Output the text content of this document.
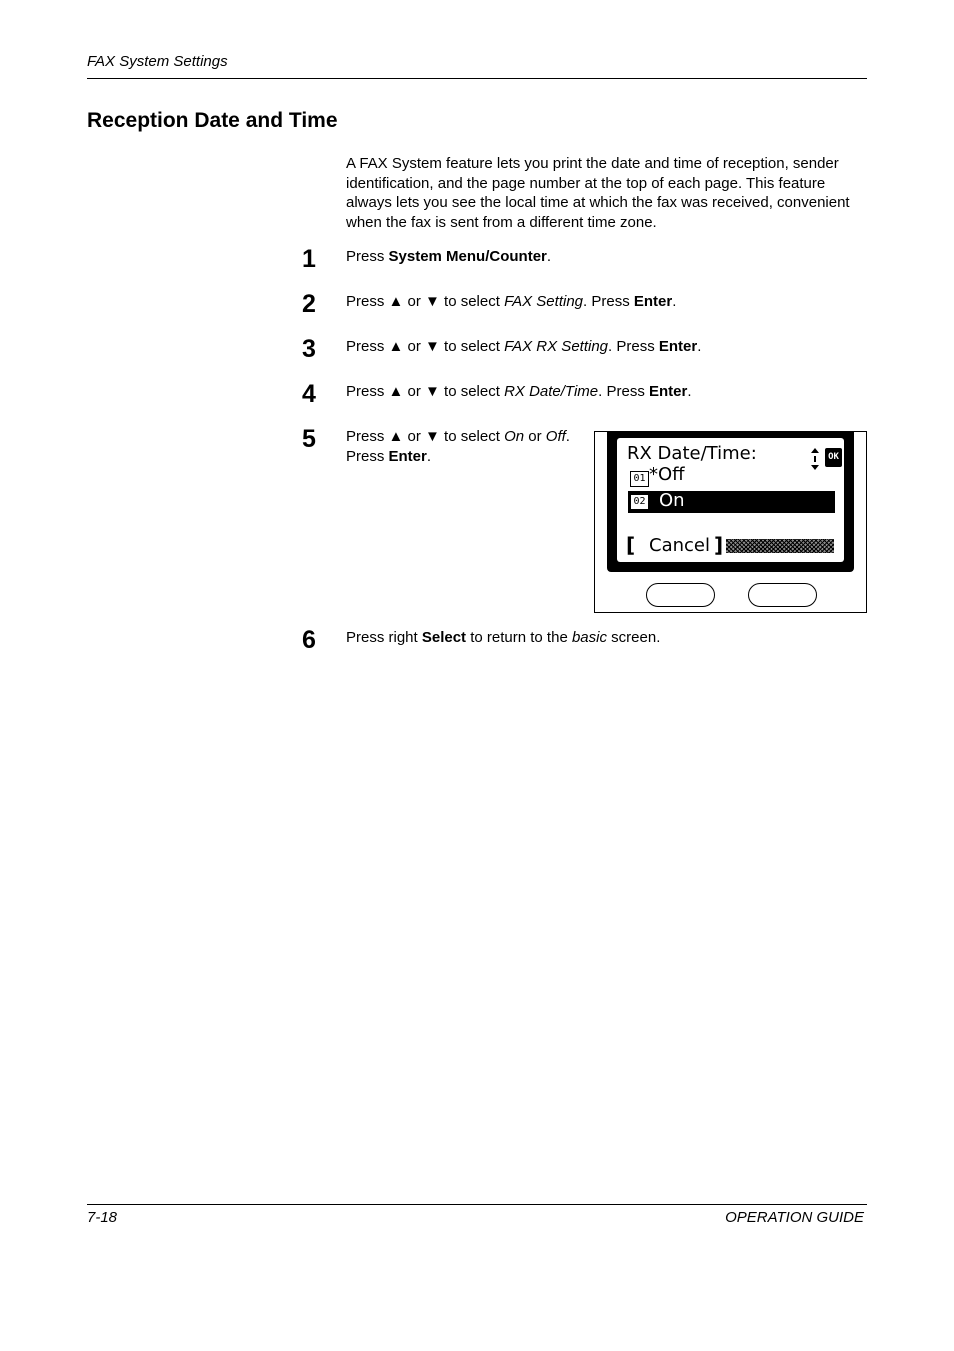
FAX System Settings
Reception Date and Time
A FAX System feature lets you print the date and time of reception, sender identification, and the page number at the top of each page. This feature always lets you see the local time at which the fax was received, convenient when the fax is sent from a different time zone.
1 Press System Menu/Counter.
2 Press ▲ or ▼ to select FAX Setting. Press Enter.
3 Press ▲ or ▼ to select FAX RX Setting. Press Enter.
4 Press ▲ or ▼ to select RX Date/Time. Press Enter.
5 Press ▲ or ▼ to select On or Off.
Press Enter.	RX Date/Time:	OK
01 *Off
02 On
[ Cancel ]
6 Press right Select to return to the basic screen.
7-18	OPERATION GUIDE
